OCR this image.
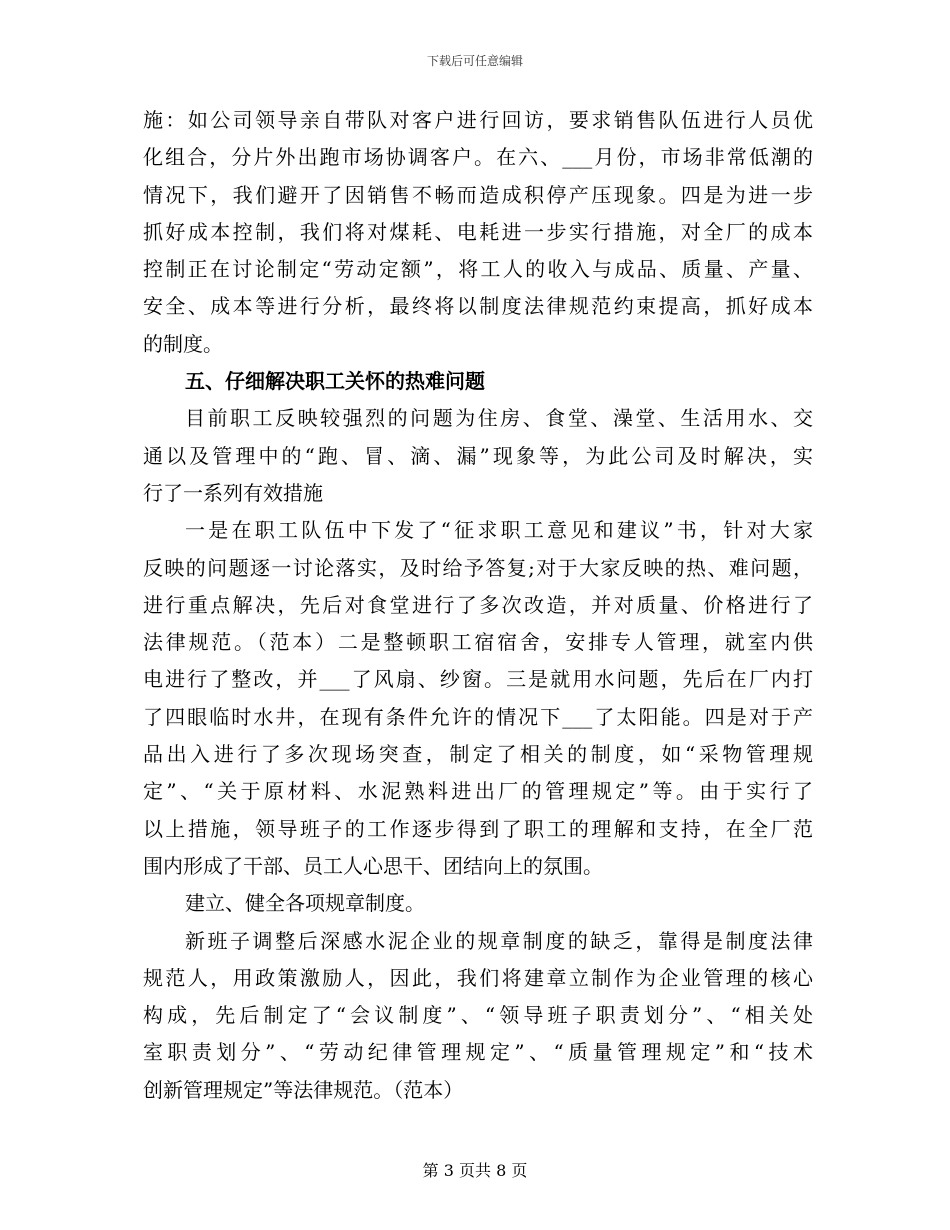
下载后可任意编辑
施：如公司领导亲自带队对客户进行回访，要求销售队伍进行人员优
化组合，分片外出跑市场协调客户。在六、___月份，市场非常低潮的
情况下，我们避开了因销售不畅而造成积停产压现象。四是为进一步
抓好成本控制，我们将对煤耗、电耗进一步实行措施，对全厂的成本
控制正在讨论制定“劳动定额”，将工人的收入与成品、质量、产量、
安全、成本等进行分析，最终将以制度法律规范约束提高，抓好成本
的制度。
五、仔细解决职工关怀的热难问题
目前职工反映较强烈的问题为住房、食堂、澡堂、生活用水、交
通以及管理中的“跑、冒、滴、漏”现象等，为此公司及时解决，实
行了一系列有效措施
一是在职工队伍中下发了“征求职工意见和建议”书，针对大家
反映的问题逐一讨论落实，及时给予答复;对于大家反映的热、难问题，
进行重点解决，先后对食堂进行了多次改造，并对质量、价格进行了
法律规范。（范本）二是整顿职工宿宿舍，安排专人管理，就室内供
电进行了整改，并___了风扇、纱窗。三是就用水问题，先后在厂内打
了四眼临时水井，在现有条件允许的情况下___了太阳能。四是对于产
品出入进行了多次现场突查，制定了相关的制度，如“采物管理规
定”、“关于原材料、水泥熟料进出厂的管理规定”等。由于实行了
以上措施，领导班子的工作逐步得到了职工的理解和支持，在全厂范
围内形成了干部、员工人心思干、团结向上的氛围。
建立、健全各项规章制度。
新班子调整后深感水泥企业的规章制度的缺乏，靠得是制度法律
规范人，用政策激励人，因此，我们将建章立制作为企业管理的核心
构成，先后制定了“会议制度”、“领导班子职责划分”、“相关处
室职责划分”、“劳动纪律管理规定”、“质量管理规定”和“技术
创新管理规定”等法律规范。（范本）
第 3 页共 8 页
